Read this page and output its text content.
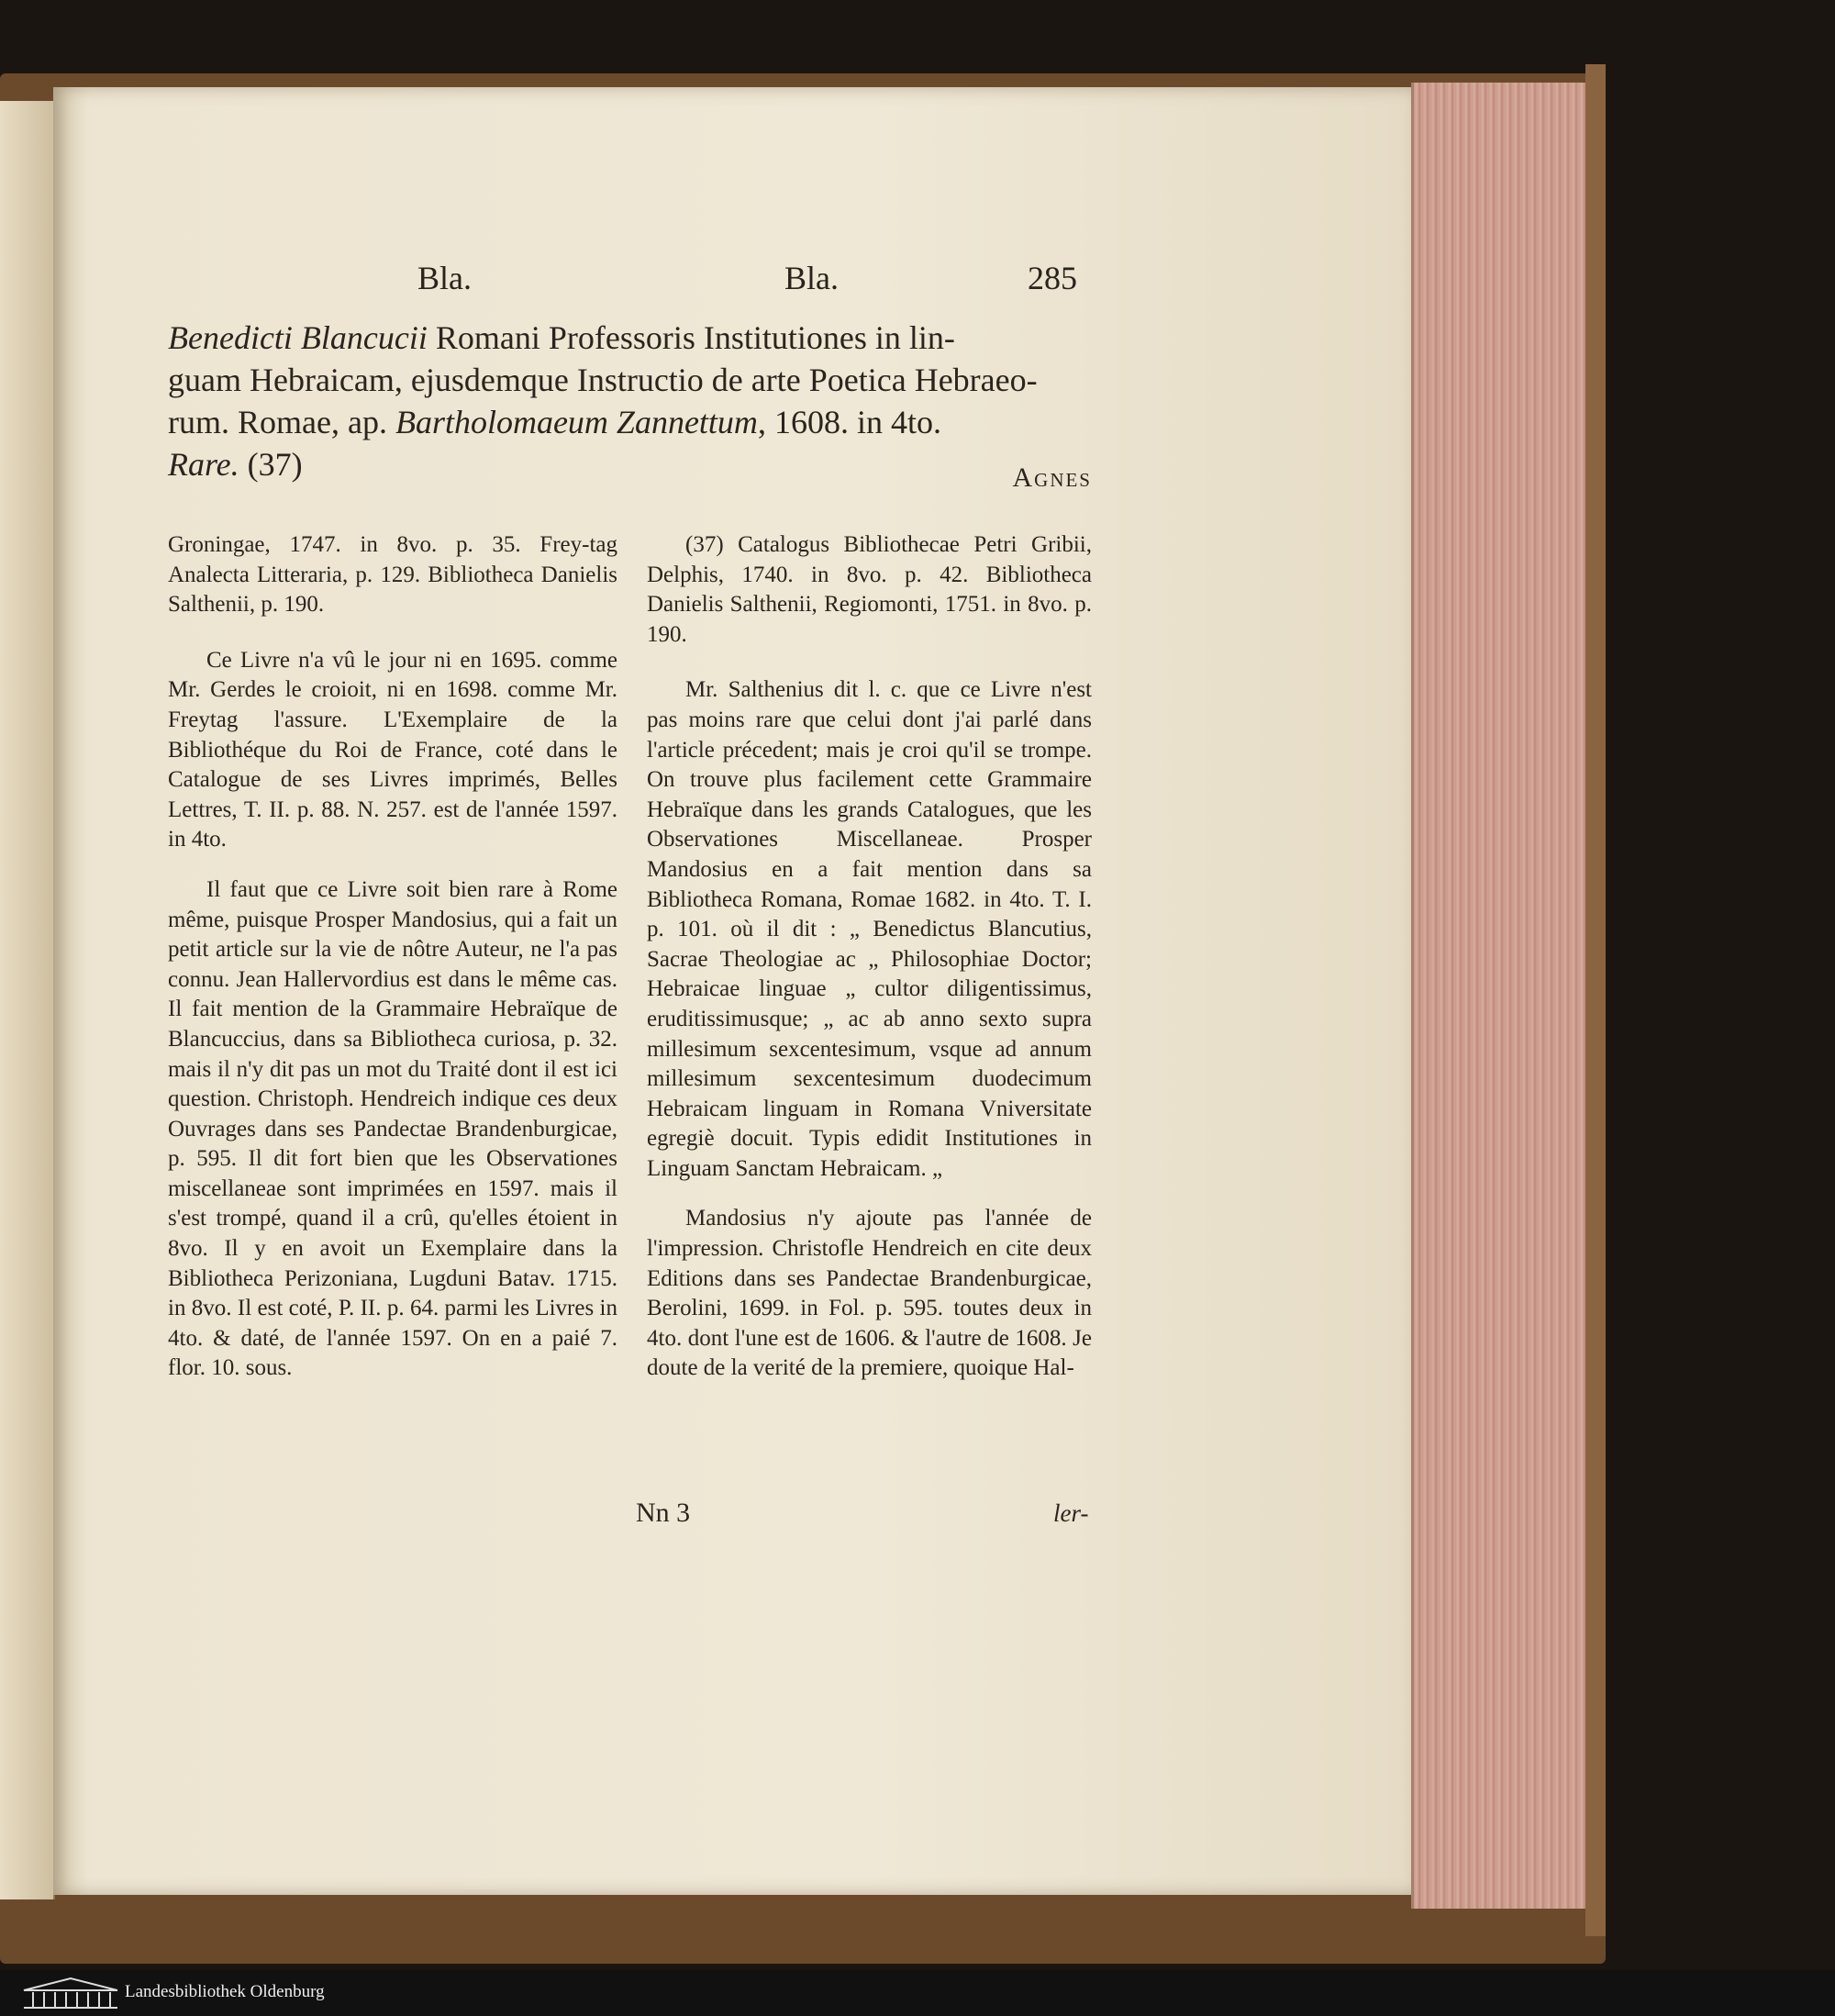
Bla.	Bla.	285
Benedicti Blancucii Romani Professoris Institutiones in lin-
guam Hebraicam, ejusdemque Instructio de arte Poetica Hebraeo-
rum. Romae, ap. Bartholomaeum Zannettum, 1608. in 4to.
Rare. (37)	Agnes

Groningae, 1747. in 8vo. p. 35. Frey-tag Analecta Litteraria, p. 129. Bibliotheca Danielis Salthenii, p. 190.

Ce Livre n'a vû le jour ni en 1695. comme Mr. Gerdes le croioit, ni en 1698. comme Mr. Freytag l'assure. L'Exemplaire de la Bibliothéque du Roi de France, coté dans le Catalogue de ses Livres imprimés, Belles Lettres, T. II. p. 88. N. 257. est de l'année 1597. in 4to.

Il faut que ce Livre soit bien rare à Rome même, puisque Prosper Mandosius, qui a fait un petit article sur la vie de nôtre Auteur, ne l'a pas connu. Jean Hallervordius est dans le même cas. Il fait mention de la Grammaire Hebraïque de Blancuccius, dans sa Bibliotheca curiosa, p. 32. mais il n'y dit pas un mot du Traité dont il est ici question. Christoph. Hendreich indique ces deux Ouvrages dans ses Pandectae Brandenburgicae, p. 595. Il dit fort bien que les Observationes miscellaneae sont imprimées en 1597. mais il s'est trompé, quand il a crû, qu'elles étoient in 8vo. Il y en avoit un Exemplaire dans la Bibliotheca Perizoniana, Lugduni Batav. 1715. in 8vo. Il est coté, P. II. p. 64. parmi les Livres in 4to. & daté, de l'année 1597. On en a paié 7. flor. 10. sous.

(37) Catalogus Bibliothecae Petri Gribii, Delphis, 1740. in 8vo. p. 42. Bibliotheca Danielis Salthenii, Regiomonti, 1751. in 8vo. p. 190.

Mr. Salthenius dit l. c. que ce Livre n'est pas moins rare que celui dont j'ai parlé dans l'article précedent; mais je croi qu'il se trompe. On trouve plus facilement cette Grammaire Hebraïque dans les grands Catalogues, que les Observationes Miscellaneae. Prosper Mandosius en a fait mention dans sa Bibliotheca Romana, Romae 1682. in 4to. T. I. p. 101. où il dit : „ Benedictus Blancutius, Sacrae Theologiae ac „ Philosophiae Doctor; Hebraicae linguae „ cultor diligentissimus, eruditissimusque; „ ac ab anno sexto supra millesimum sexcentesimum, vsque ad annum millesimum sexcentesimum duodecimum Hebraicam linguam in Romana Vniversitate egregiè docuit. Typis edidit Institutiones in Linguam Sanctam Hebraicam. „

Mandosius n'y ajoute pas l'année de l'impression. Christofle Hendreich en cite deux Editions dans ses Pandectae Brandenburgicae, Berolini, 1699. in Fol. p. 595. toutes deux in 4to. dont l'une est de 1606. & l'autre de 1608. Je doute de la verité de la premiere, quoique Hal-

Nn 3	ler-
Landesbibliothek Oldenburg
